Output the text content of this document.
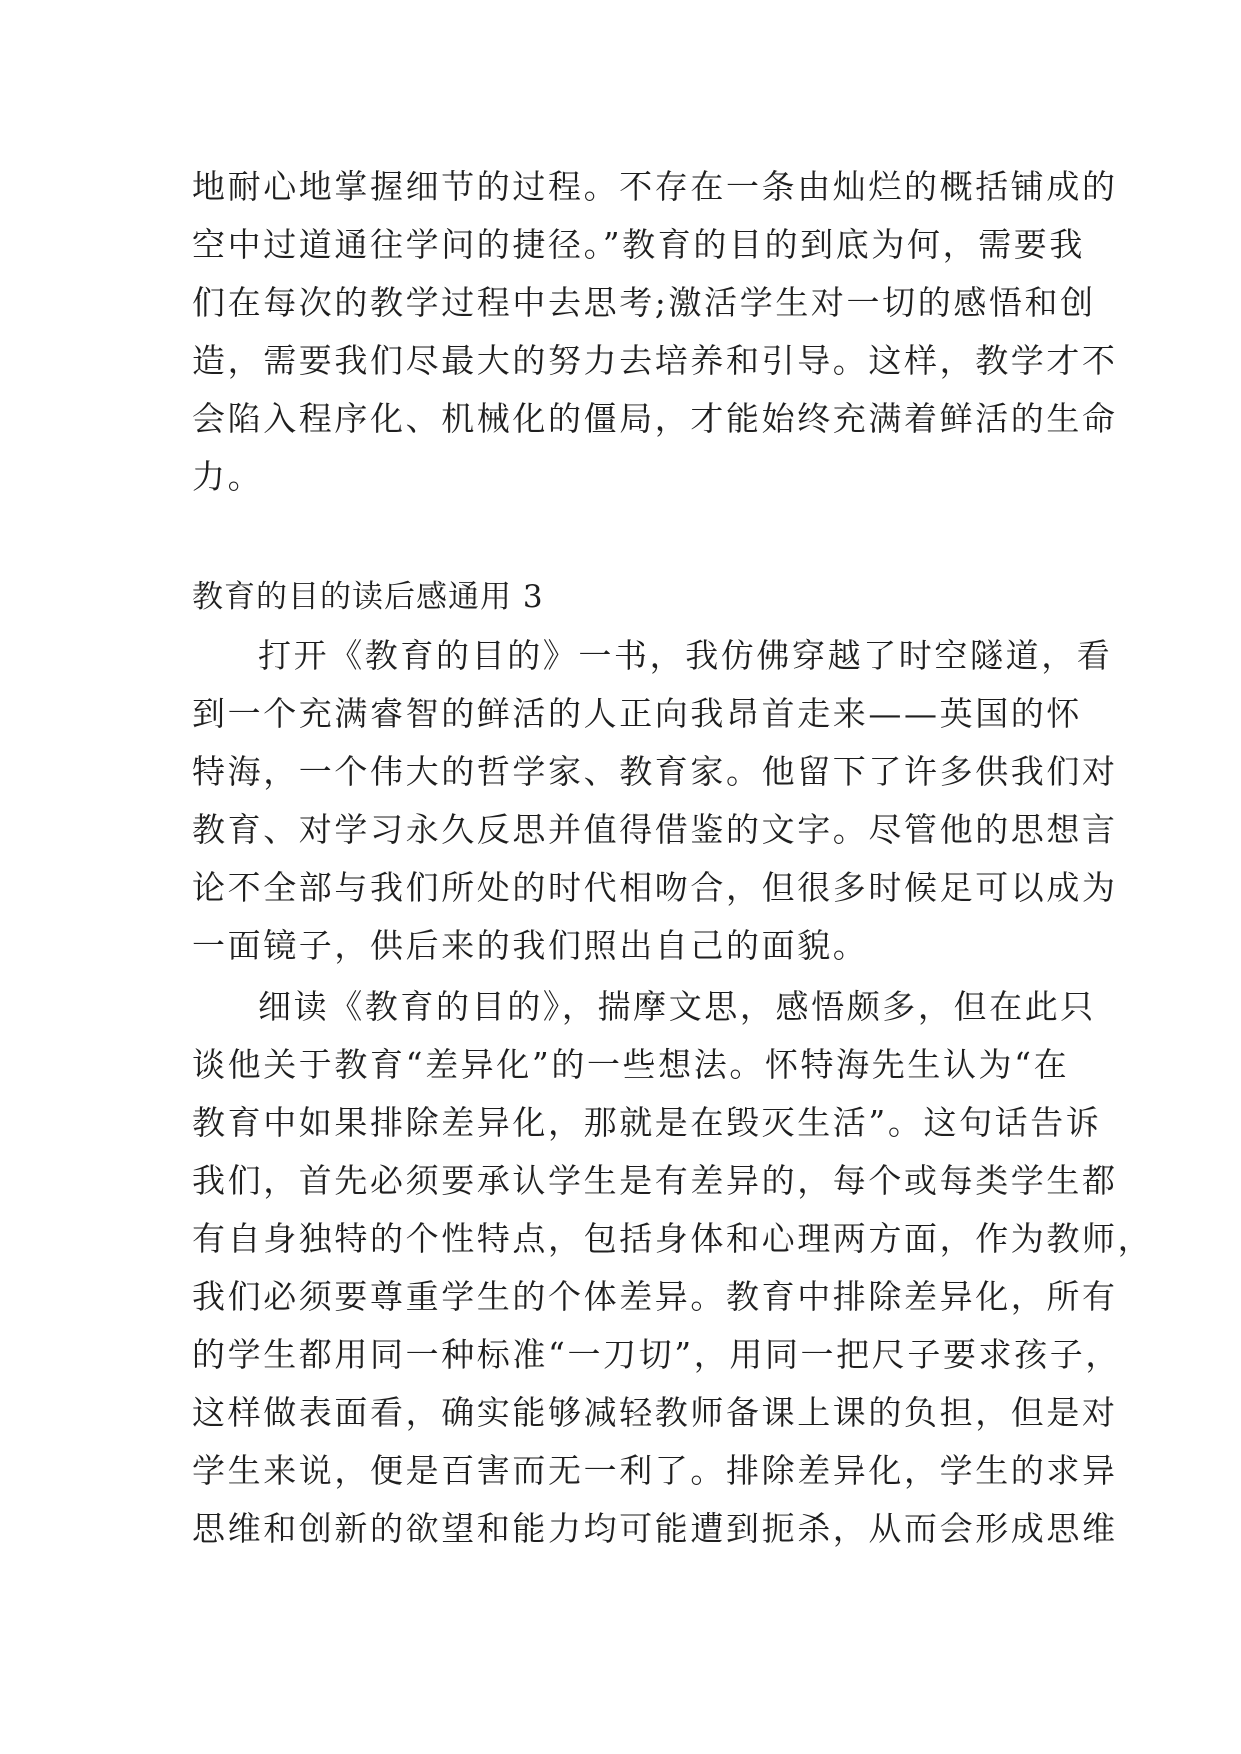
地耐心地掌握细节的过程。不存在一条由灿烂的概括铺成的
空中过道通往学问的捷径。”教育的目的到底为何，需要我
们在每次的教学过程中去思考;激活学生对一切的感悟和创
造，需要我们尽最大的努力去培养和引导。这样，教学才不
会陷入程序化、机械化的僵局，才能始终充满着鲜活的生命
力。
教育的目的读后感通用 3
打开《教育的目的》一书，我仿佛穿越了时空隧道，看
到一个充满睿智的鲜活的人正向我昂首走来——英国的怀
特海，一个伟大的哲学家、教育家。他留下了许多供我们对
教育、对学习永久反思并值得借鉴的文字。尽管他的思想言
论不全部与我们所处的时代相吻合，但很多时候足可以成为
一面镜子，供后来的我们照出自己的面貌。
细读《教育的目的》，揣摩文思，感悟颇多，但在此只
谈他关于教育“差异化”的一些想法。怀特海先生认为“在
教育中如果排除差异化，那就是在毁灭生活”。这句话告诉
我们，首先必须要承认学生是有差异的，每个或每类学生都
有自身独特的个性特点，包括身体和心理两方面，作为教师，
我们必须要尊重学生的个体差异。教育中排除差异化，所有
的学生都用同一种标准“一刀切”，用同一把尺子要求孩子，
这样做表面看，确实能够减轻教师备课上课的负担，但是对
学生来说，便是百害而无一利了。排除差异化，学生的求异
思维和创新的欲望和能力均可能遭到扼杀，从而会形成思维
